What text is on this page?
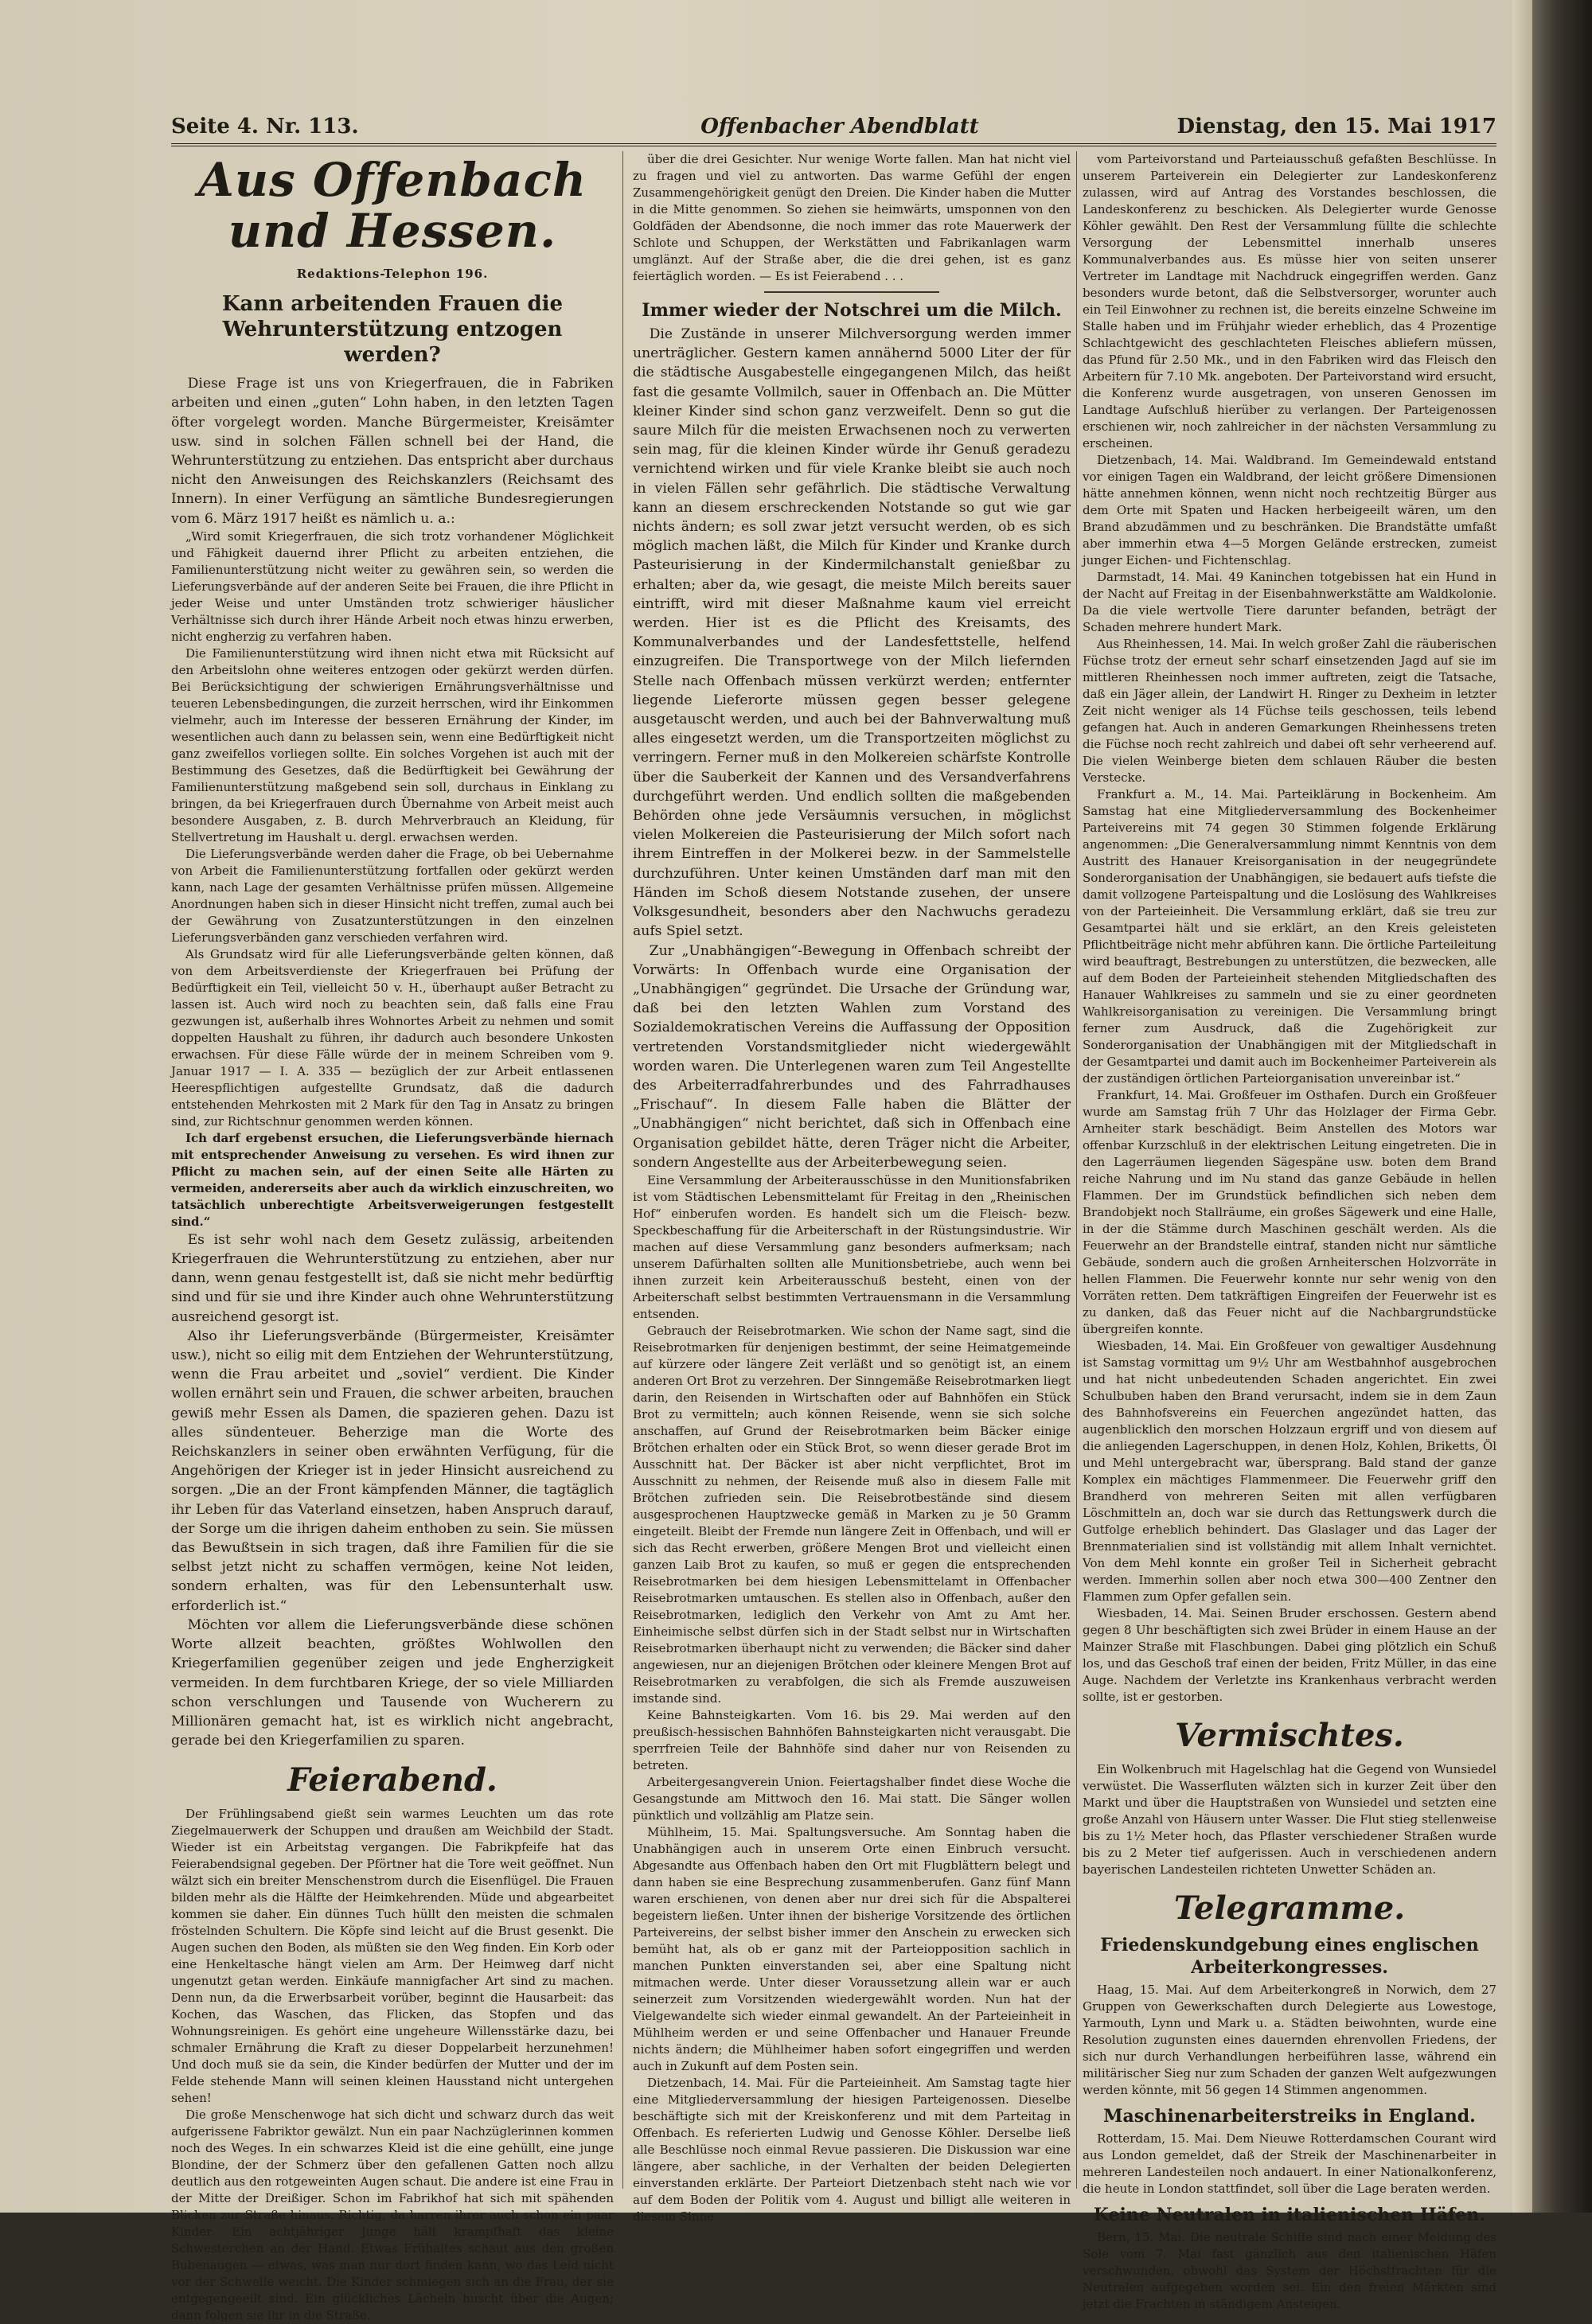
Seite 4. Nr. 113.	Offenbacher Abendblatt	Dienstag, den 15. Mai 1917
Aus Offenbach und Hessen.
Redaktions-Telephon 196.
Kann arbeitenden Frauen die Wehrunterstützung entzogen werden?

Diese Frage ist uns von Kriegerfrauen, die in Fabriken arbeiten und einen „guten“ Lohn haben, in den letzten Tagen öfter vorgelegt worden. Manche Bürgermeister, Kreisämter usw. sind in solchen Fällen schnell bei der Hand, die Wehrunterstützung zu entziehen. Das entspricht aber durchaus nicht den Anweisungen des Reichskanzlers (Reichsamt des Innern). In einer Verfügung an sämtliche Bundesregierungen vom 6. März 1917 heißt es nämlich u. a.:

„Wird somit Kriegerfrauen, die sich trotz vorhandener Möglichkeit und Fähigkeit dauernd ihrer Pflicht zu arbeiten entziehen, die Familienunterstützung nicht weiter zu gewähren sein, so werden die Lieferungsverbände auf der anderen Seite bei Frauen, die ihre Pflicht in jeder Weise und unter Umständen trotz schwieriger häuslicher Verhältnisse sich durch ihrer Hände Arbeit noch etwas hinzu erwerben, nicht engherzig zu verfahren haben.

Die Familienunterstützung wird ihnen nicht etwa mit Rücksicht auf den Arbeitslohn ohne weiteres entzogen oder gekürzt werden dürfen. Bei Berücksichtigung der schwierigen Ernährungsverhältnisse und teueren Lebensbedingungen, die zurzeit herrschen, wird ihr Einkommen vielmehr, auch im Interesse der besseren Ernährung der Kinder, im wesentlichen auch dann zu belassen sein, wenn eine Bedürftigkeit nicht ganz zweifellos vorliegen sollte. Ein solches Vorgehen ist auch mit der Bestimmung des Gesetzes, daß die Bedürftigkeit bei Gewährung der Familienunterstützung maßgebend sein soll, durchaus in Einklang zu bringen, da bei Kriegerfrauen durch Übernahme von Arbeit meist auch besondere Ausgaben, z. B. durch Mehrverbrauch an Kleidung, für Stellvertretung im Haushalt u. dergl. erwachsen werden.

Die Lieferungsverbände werden daher die Frage, ob bei Uebernahme von Arbeit die Familienunterstützung fortfallen oder gekürzt werden kann, nach Lage der gesamten Verhältnisse prüfen müssen. Allgemeine Anordnungen haben sich in dieser Hinsicht nicht treffen, zumal auch bei der Gewährung von Zusatzunterstützungen in den einzelnen Lieferungsverbänden ganz verschieden verfahren wird.

Als Grundsatz wird für alle Lieferungsverbände gelten können, daß von dem Arbeitsverdienste der Kriegerfrauen bei Prüfung der Bedürftigkeit ein Teil, vielleicht 50 v. H., überhaupt außer Betracht zu lassen ist. Auch wird noch zu beachten sein, daß falls eine Frau gezwungen ist, außerhalb ihres Wohnortes Arbeit zu nehmen und somit doppelten Haushalt zu führen, ihr dadurch auch besondere Unkosten erwachsen. Für diese Fälle würde der in meinem Schreiben vom 9. Januar 1917 — I. A. 335 — bezüglich der zur Arbeit entlassenen Heerespflichtigen aufgestellte Grundsatz, daß die dadurch entstehenden Mehrkosten mit 2 Mark für den Tag in Ansatz zu bringen sind, zur Richtschnur genommen werden können.

Ich darf ergebenst ersuchen, die Lieferungsverbände hiernach mit entsprechender Anweisung zu versehen. Es wird ihnen zur Pflicht zu machen sein, auf der einen Seite alle Härten zu vermeiden, andererseits aber auch da wirklich einzuschreiten, wo tatsächlich unberechtigte Arbeitsverweigerungen festgestellt sind.“

Es ist sehr wohl nach dem Gesetz zulässig, arbeitenden Kriegerfrauen die Wehrunterstützung zu entziehen, aber nur dann, wenn genau festgestellt ist, daß sie nicht mehr bedürftig sind und für sie und ihre Kinder auch ohne Wehrunterstützung ausreichend gesorgt ist.

Also ihr Lieferungsverbände (Bürgermeister, Kreisämter usw.), nicht so eilig mit dem Entziehen der Wehrunterstützung, wenn die Frau arbeitet und „soviel“ verdient. Die Kinder wollen ernährt sein und Frauen, die schwer arbeiten, brauchen gewiß mehr Essen als Damen, die spazieren gehen. Dazu ist alles sündenteuer. Beherzige man die Worte des Reichskanzlers in seiner oben erwähnten Verfügung, für die Angehörigen der Krieger ist in jeder Hinsicht ausreichend zu sorgen. „Die an der Front kämpfenden Männer, die tagtäglich ihr Leben für das Vaterland einsetzen, haben Anspruch darauf, der Sorge um die ihrigen daheim enthoben zu sein. Sie müssen das Bewußtsein in sich tragen, daß ihre Familien für die sie selbst jetzt nicht zu schaffen vermögen, keine Not leiden, sondern erhalten, was für den Lebensunterhalt usw. erforderlich ist.“

Möchten vor allem die Lieferungsverbände diese schönen Worte allzeit beachten, größtes Wohlwollen den Kriegerfamilien gegenüber zeigen und jede Engherzigkeit vermeiden. In dem furchtbaren Kriege, der so viele Milliarden schon verschlungen und Tausende von Wucherern zu Millionären gemacht hat, ist es wirklich nicht angebracht, gerade bei den Kriegerfamilien zu sparen.

Feierabend.

Der Frühlingsabend gießt sein warmes Leuchten um das rote Ziegelmauerwerk der Schuppen und draußen am Weichbild der Stadt. Wieder ist ein Arbeitstag vergangen. Die Fabrikpfeife hat das Feierabendsignal gegeben. Der Pförtner hat die Tore weit geöffnet. Nun wälzt sich ein breiter Menschenstrom durch die Eisenflügel. Die Frauen bilden mehr als die Hälfte der Heimkehrenden. Müde und abgearbeitet kommen sie daher. Ein dünnes Tuch hüllt den meisten die schmalen fröstelnden Schultern. Die Köpfe sind leicht auf die Brust gesenkt. Die Augen suchen den Boden, als müßten sie den Weg finden. Ein Korb oder eine Henkeltasche hängt vielen am Arm. Der Heimweg darf nicht ungenutzt getan werden. Einkäufe mannigfacher Art sind zu machen. Denn nun, da die Erwerbsarbeit vorüber, beginnt die Hausarbeit: das Kochen, das Waschen, das Flicken, das Stopfen und das Wohnungsreinigen. Es gehört eine ungeheure Willensstärke dazu, bei schmaler Ernährung die Kraft zu dieser Doppelarbeit herzunehmen! Und doch muß sie da sein, die Kinder bedürfen der Mutter und der im Felde stehende Mann will seinen kleinen Hausstand nicht untergehen sehen!

Die große Menschenwoge hat sich dicht und schwarz durch das weit aufgerissene Fabriktor gewälzt. Nun ein paar Nachzüglerinnen kommen noch des Weges. In ein schwarzes Kleid ist die eine gehüllt, eine junge Blondine, der der Schmerz über den gefallenen Gatten noch allzu deutlich aus den rotgeweinten Augen schaut. Die andere ist eine Frau in der Mitte der Dreißiger. Schon im Fabrikhof hat sich mit spähenden Blicken zur Straße hinaus. Richtig, da harren ihrer auch schon ein paar Kinder. Ein achtjähriger Junge hält krampfhaft das kleine Schwesterchen an der Hand. Etwas Frühaltes schaut aus den großen Bubenaugen — etwas, was man nur dort finden kann, wo das Leid nicht vor der Schwelle weicht. Die Kinder schmiegen sich an die Frau, der sie entgegengeeilt sind. Ein glückliches Lächeln huscht über die Augen; dann folgen sie ihr in die Straße.

über die drei Gesichter. Nur wenige Worte fallen. Man hat nicht viel zu fragen und viel zu antworten. Das warme Gefühl der engen Zusammengehörigkeit genügt den Dreien. Die Kinder haben die Mutter in die Mitte genommen. So ziehen sie heimwärts, umsponnen von den Goldfäden der Abendsonne, die noch immer das rote Mauerwerk der Schlote und Schuppen, der Werkstätten und Fabrikanlagen warm umglänzt. Auf der Straße aber, die die drei gehen, ist es ganz feiertäglich worden. — Es ist Feierabend . . .

Immer wieder der Notschrei um die Milch.

Die Zustände in unserer Milchversorgung werden immer unerträglicher. Gestern kamen annähernd 5000 Liter der für die städtische Ausgabestelle eingegangenen Milch, das heißt fast die gesamte Vollmilch, sauer in Offenbach an. Die Mütter kleiner Kinder sind schon ganz verzweifelt. Denn so gut die saure Milch für die meisten Erwachsenen noch zu verwerten sein mag, für die kleinen Kinder würde ihr Genuß geradezu vernichtend wirken und für viele Kranke bleibt sie auch noch in vielen Fällen sehr gefährlich. Die städtische Verwaltung kann an diesem erschreckenden Notstande so gut wie gar nichts ändern; es soll zwar jetzt versucht werden, ob es sich möglich machen läßt, die Milch für Kinder und Kranke durch Pasteurisierung in der Kindermilchanstalt genießbar zu erhalten; aber da, wie gesagt, die meiste Milch bereits sauer eintrifft, wird mit dieser Maßnahme kaum viel erreicht werden. Hier ist es die Pflicht des Kreisamts, des Kommunalverbandes und der Landesfettstelle, helfend einzugreifen. Die Transportwege von der Milch liefernden Stelle nach Offenbach müssen verkürzt werden; entfernter liegende Lieferorte müssen gegen besser gelegene ausgetauscht werden, und auch bei der Bahnverwaltung muß alles eingesetzt werden, um die Transportzeiten möglichst zu verringern. Ferner muß in den Molkereien schärfste Kontrolle über die Sauberkeit der Kannen und des Versandverfahrens durchgeführt werden. Und endlich sollten die maßgebenden Behörden ohne jede Versäumnis versuchen, in möglichst vielen Molkereien die Pasteurisierung der Milch sofort nach ihrem Eintreffen in der Molkerei bezw. in der Sammelstelle durchzuführen. Unter keinen Umständen darf man mit den Händen im Schoß diesem Notstande zusehen, der unsere Volksgesundheit, besonders aber den Nachwuchs geradezu aufs Spiel setzt.

Zur „Unabhängigen“-Bewegung in Offenbach schreibt der Vorwärts: In Offenbach wurde eine Organisation der „Unabhängigen“ gegründet. Die Ursache der Gründung war, daß bei den letzten Wahlen zum Vorstand des Sozialdemokratischen Vereins die Auffassung der Opposition vertretenden Vorstandsmitglieder nicht wiedergewählt worden waren. Die Unterlegenen waren zum Teil Angestellte des Arbeiterradfahrerbundes und des Fahrradhauses „Frischauf“. In diesem Falle haben die Blätter der „Unabhängigen“ nicht berichtet, daß sich in Offenbach eine Organisation gebildet hätte, deren Träger nicht die Arbeiter, sondern Angestellte aus der Arbeiterbewegung seien.

Eine Versammlung der Arbeiterausschüsse in den Munitionsfabriken ist vom Städtischen Lebensmittelamt für Freitag in den „Rheinischen Hof“ einberufen worden. Es handelt sich um die Fleisch- bezw. Speckbeschaffung für die Arbeiterschaft in der Rüstungsindustrie. Wir machen auf diese Versammlung ganz besonders aufmerksam; nach unserem Dafürhalten sollten alle Munitionsbetriebe, auch wenn bei ihnen zurzeit kein Arbeiterausschuß besteht, einen von der Arbeiterschaft selbst bestimmten Vertrauensmann in die Versammlung entsenden.

Gebrauch der Reisebrotmarken. Wie schon der Name sagt, sind die Reisebrotmarken für denjenigen bestimmt, der seine Heimatgemeinde auf kürzere oder längere Zeit verläßt und so genötigt ist, an einem anderen Ort Brot zu verzehren. Der Sinngemäße Reisebrotmarken liegt darin, den Reisenden in Wirtschaften oder auf Bahnhöfen ein Stück Brot zu vermitteln; auch können Reisende, wenn sie sich solche anschaffen, auf Grund der Reisebrotmarken beim Bäcker einige Brötchen erhalten oder ein Stück Brot, so wenn dieser gerade Brot im Ausschnitt hat. Der Bäcker ist aber nicht verpflichtet, Brot im Ausschnitt zu nehmen, der Reisende muß also in diesem Falle mit Brötchen zufrieden sein. Die Reisebrotbestände sind diesem ausgesprochenen Hauptzwecke gemäß in Marken zu je 50 Gramm eingeteilt. Bleibt der Fremde nun längere Zeit in Offenbach, und will er sich das Recht erwerben, größere Mengen Brot und vielleicht einen ganzen Laib Brot zu kaufen, so muß er gegen die entsprechenden Reisebrotmarken bei dem hiesigen Lebensmittelamt in Offenbacher Reisebrotmarken umtauschen. Es stellen also in Offenbach, außer den Reisebrotmarken, lediglich den Verkehr von Amt zu Amt her. Einheimische selbst dürfen sich in der Stadt selbst nur in Wirtschaften Reisebrotmarken überhaupt nicht zu verwenden; die Bäcker sind daher angewiesen, nur an diejenigen Brötchen oder kleinere Mengen Brot auf Reisebrotmarken zu verabfolgen, die sich als Fremde auszuweisen imstande sind.

Keine Bahnsteigkarten. Vom 16. bis 29. Mai werden auf den preußisch-hessischen Bahnhöfen Bahnsteigkarten nicht verausgabt. Die sperrfreien Teile der Bahnhöfe sind daher nur von Reisenden zu betreten.

Arbeitergesangverein Union. Feiertagshalber findet diese Woche die Gesangstunde am Mittwoch den 16. Mai statt. Die Sänger wollen pünktlich und vollzählig am Platze sein.

Mühlheim, 15. Mai. Spaltungsversuche. Am Sonntag haben die Unabhängigen auch in unserem Orte einen Einbruch versucht. Abgesandte aus Offenbach haben den Ort mit Flugblättern belegt und dann haben sie eine Besprechung zusammenberufen. Ganz fünf Mann waren erschienen, von denen aber nur drei sich für die Abspalterei begeistern ließen. Unter ihnen der bisherige Vorsitzende des örtlichen Parteivereins, der selbst bisher immer den Anschein zu erwecken sich bemüht hat, als ob er ganz mit der Parteiopposition sachlich in manchen Punkten einverstanden sei, aber eine Spaltung nicht mitmachen werde. Unter dieser Voraussetzung allein war er auch seinerzeit zum Vorsitzenden wiedergewählt worden. Nun hat der Vielgewandelte sich wieder einmal gewandelt. An der Parteieinheit in Mühlheim werden er und seine Offenbacher und Hanauer Freunde nichts ändern; die Mühlheimer haben sofort eingegriffen und werden auch in Zukunft auf dem Posten sein.

Dietzenbach, 14. Mai. Für die Parteieinheit. Am Samstag tagte hier eine Mitgliederversammlung der hiesigen Parteigenossen. Dieselbe beschäftigte sich mit der Kreiskonferenz und mit dem Parteitag in Offenbach. Es referierten Ludwig und Genosse Köhler. Derselbe ließ alle Beschlüsse noch einmal Revue passieren. Die Diskussion war eine längere, aber sachliche, in der Verhalten der beiden Delegierten einverstanden erklärte. Der Parteiort Dietzenbach steht nach wie vor auf dem Boden der Politik vom 4. August und billigt alle weiteren in diesem Sinne

vom Parteivorstand und Parteiausschuß gefaßten Beschlüsse. In unserem Parteiverein ein Delegierter zur Landeskonferenz zulassen, wird auf Antrag des Vorstandes beschlossen, die Landeskonferenz zu beschicken. Als Delegierter wurde Genosse Köhler gewählt. Den Rest der Versammlung füllte die schlechte Versorgung der Lebensmittel innerhalb unseres Kommunalverbandes aus. Es müsse hier von seiten unserer Vertreter im Landtage mit Nachdruck eingegriffen werden. Ganz besonders wurde betont, daß die Selbstversorger, worunter auch ein Teil Einwohner zu rechnen ist, die bereits einzelne Schweine im Stalle haben und im Frühjahr wieder erheblich, das 4 Prozentige Schlachtgewicht des geschlachteten Fleisches abliefern müssen, das Pfund für 2.50 Mk., und in den Fabriken wird das Fleisch den Arbeitern für 7.10 Mk. angeboten. Der Parteivorstand wird ersucht, die Konferenz wurde ausgetragen, von unseren Genossen im Landtage Aufschluß hierüber zu verlangen. Der Parteigenossen erschienen wir, noch zahlreicher in der nächsten Versammlung zu erscheinen.

Dietzenbach, 14. Mai. Waldbrand. Im Gemeindewald entstand vor einigen Tagen ein Waldbrand, der leicht größere Dimensionen hätte annehmen können, wenn nicht noch rechtzeitig Bürger aus dem Orte mit Spaten und Hacken herbeigeeilt wären, um den Brand abzudämmen und zu beschränken. Die Brandstätte umfaßt aber immerhin etwa 4—5 Morgen Gelände erstrecken, zumeist junger Eichen- und Fichtenschlag.

Darmstadt, 14. Mai. 49 Kaninchen totgebissen hat ein Hund in der Nacht auf Freitag in der Eisenbahnwerkstätte am Waldkolonie. Da die viele wertvolle Tiere darunter befanden, beträgt der Schaden mehrere hundert Mark.

Aus Rheinhessen, 14. Mai. In welch großer Zahl die räuberischen Füchse trotz der erneut sehr scharf einsetzenden Jagd auf sie im mittleren Rheinhessen noch immer auftreten, zeigt die Tatsache, daß ein Jäger allein, der Landwirt H. Ringer zu Dexheim in letzter Zeit nicht weniger als 14 Füchse teils geschossen, teils lebend gefangen hat. Auch in anderen Gemarkungen Rheinhessens treten die Füchse noch recht zahlreich und dabei oft sehr verheerend auf. Die vielen Weinberge bieten dem schlauen Räuber die besten Verstecke.

Frankfurt a. M., 14. Mai. Parteiklärung in Bockenheim. Am Samstag hat eine Mitgliederversammlung des Bockenheimer Parteivereins mit 74 gegen 30 Stimmen folgende Erklärung angenommen: „Die Generalversammlung nimmt Kenntnis von dem Austritt des Hanauer Kreisorganisation in der neugegründete Sonderorganisation der Unabhängigen, sie bedauert aufs tiefste die damit vollzogene Parteispaltung und die Loslösung des Wahlkreises von der Parteieinheit. Die Versammlung erklärt, daß sie treu zur Gesamtpartei hält und sie erklärt, an den Kreis geleisteten Pflichtbeiträge nicht mehr abführen kann. Die örtliche Parteileitung wird beauftragt, Bestrebungen zu unterstützen, die bezwecken, alle auf dem Boden der Parteieinheit stehenden Mitgliedschaften des Hanauer Wahlkreises zu sammeln und sie zu einer geordneten Wahlkreisorganisation zu vereinigen. Die Versammlung bringt ferner zum Ausdruck, daß die Zugehörigkeit zur Sonderorganisation der Unabhängigen mit der Mitgliedschaft in der Gesamtpartei und damit auch im Bockenheimer Parteiverein als der zuständigen örtlichen Parteiorganisation unvereinbar ist.“

Frankfurt, 14. Mai. Großfeuer im Osthafen. Durch ein Großfeuer wurde am Samstag früh 7 Uhr das Holzlager der Firma Gebr. Arnheiter stark beschädigt. Beim Anstellen des Motors war offenbar Kurzschluß in der elektrischen Leitung eingetreten. Die in den Lagerräumen liegenden Sägespäne usw. boten dem Brand reiche Nahrung und im Nu stand das ganze Gebäude in hellen Flammen. Der im Grundstück befindlichen sich neben dem Brandobjekt noch Stallräume, ein großes Sägewerk und eine Halle, in der die Stämme durch Maschinen geschält werden. Als die Feuerwehr an der Brandstelle eintraf, standen nicht nur sämtliche Gebäude, sondern auch die großen Arnheiterschen Holzvorräte in hellen Flammen. Die Feuerwehr konnte nur sehr wenig von den Vorräten retten. Dem tatkräftigen Eingreifen der Feuerwehr ist es zu danken, daß das Feuer nicht auf die Nachbargrundstücke übergreifen konnte.

Wiesbaden, 14. Mai. Ein Großfeuer von gewaltiger Ausdehnung ist Samstag vormittag um 9½ Uhr am Westbahnhof ausgebrochen und hat nicht unbedeutenden Schaden angerichtet. Ein zwei Schulbuben haben den Brand verursacht, indem sie in dem Zaun des Bahnhofsvereins ein Feuerchen angezündet hatten, das augenblicklich den morschen Holzzaun ergriff und von diesem auf die anliegenden Lagerschuppen, in denen Holz, Kohlen, Briketts, Öl und Mehl untergebracht war, übersprang. Bald stand der ganze Komplex ein mächtiges Flammenmeer. Die Feuerwehr griff den Brandherd von mehreren Seiten mit allen verfügbaren Löschmitteln an, doch war sie durch das Rettungswerk durch die Gutfolge erheblich behindert. Das Glaslager und das Lager der Brennmaterialien sind ist vollständig mit allem Inhalt vernichtet. Von dem Mehl konnte ein großer Teil in Sicherheit gebracht werden. Immerhin sollen aber noch etwa 300—400 Zentner den Flammen zum Opfer gefallen sein.

Wiesbaden, 14. Mai. Seinen Bruder erschossen. Gestern abend gegen 8 Uhr beschäftigten sich zwei Brüder in einem Hause an der Mainzer Straße mit Flaschbungen. Dabei ging plötzlich ein Schuß los, und das Geschoß traf einen der beiden, Fritz Müller, in das eine Auge. Nachdem der Verletzte ins Krankenhaus verbracht werden sollte, ist er gestorben.

Vermischtes.

Ein Wolkenbruch mit Hagelschlag hat die Gegend von Wunsiedel verwüstet. Die Wasserfluten wälzten sich in kurzer Zeit über den Markt und über die Hauptstraßen von Wunsiedel und setzten eine große Anzahl von Häusern unter Wasser. Die Flut stieg stellenweise bis zu 1½ Meter hoch, das Pflaster verschiedener Straßen wurde bis zu 2 Meter tief aufgerissen. Auch in verschiedenen andern bayerischen Landesteilen richteten Unwetter Schäden an.

Telegramme.
Friedenskundgebung eines englischen Arbeiterkongresses.

Haag, 15. Mai. Auf dem Arbeiterkongreß in Norwich, dem 27 Gruppen von Gewerkschaften durch Delegierte aus Lowestoge, Yarmouth, Lynn und Mark u. a. Städten beiwohnten, wurde eine Resolution zugunsten eines dauernden ehrenvollen Friedens, der sich nur durch Verhandlungen herbeiführen lasse, während ein militärischer Sieg nur zum Schaden der ganzen Welt aufgezwungen werden könnte, mit 56 gegen 14 Stimmen angenommen.

Maschinenarbeiterstreiks in England.

Rotterdam, 15. Mai. Dem Nieuwe Rotterdamschen Courant wird aus London gemeldet, daß der Streik der Maschinenarbeiter in mehreren Landesteilen noch andauert. In einer Nationalkonferenz, die heute in London stattfindet, soll über die Lage beraten werden.

Keine Neutralen in italienischen Häfen.

Bern, 15. Mai. Die neutrale Schiffe sind nach einer Meldung des Sole vom 7. Mai fast gänzlich aus den italienischen Häfen verschwunden, obwohl das System der Höchstfrachten für die Neutralen aufgegeben worden sei. Ein den freien Märkten sind jetzt die Frachten in ständigem Ansteigen.
